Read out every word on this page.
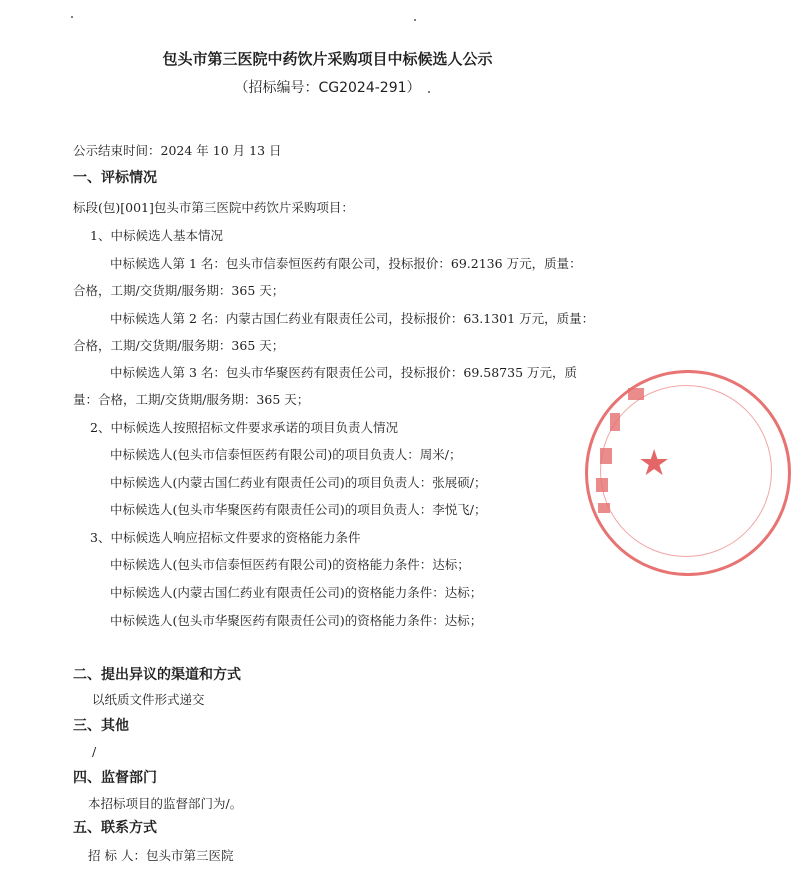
包头市第三医院中药饮片采购项目中标候选人公示
（招标编号：CG2024-291）
公示结束时间：2024 年 10 月 13 日
一、评标情况
标段(包)[001]包头市第三医院中药饮片采购项目：
1、中标候选人基本情况
中标候选人第 1 名：包头市信泰恒医药有限公司，投标报价：69.2136 万元，质量：
合格，工期/交货期/服务期：365 天；
中标候选人第 2 名：内蒙古国仁药业有限责任公司，投标报价：63.1301 万元，质量：
合格，工期/交货期/服务期：365 天；
中标候选人第 3 名：包头市华聚医药有限责任公司，投标报价：69.58735 万元，质
量：合格，工期/交货期/服务期：365 天；
2、中标候选人按照招标文件要求承诺的项目负责人情况
中标候选人(包头市信泰恒医药有限公司)的项目负责人：周米/；
中标候选人(内蒙古国仁药业有限责任公司)的项目负责人：张展硕/；
中标候选人(包头市华聚医药有限责任公司)的项目负责人：李悦飞/；
3、中标候选人响应招标文件要求的资格能力条件
中标候选人(包头市信泰恒医药有限公司)的资格能力条件：达标；
中标候选人(内蒙古国仁药业有限责任公司)的资格能力条件：达标；
中标候选人(包头市华聚医药有限责任公司)的资格能力条件：达标；
二、提出异议的渠道和方式
以纸质文件形式递交
三、其他
/
四、监督部门
本招标项目的监督部门为/。
五、联系方式
招 标 人：包头市第三医院
★
